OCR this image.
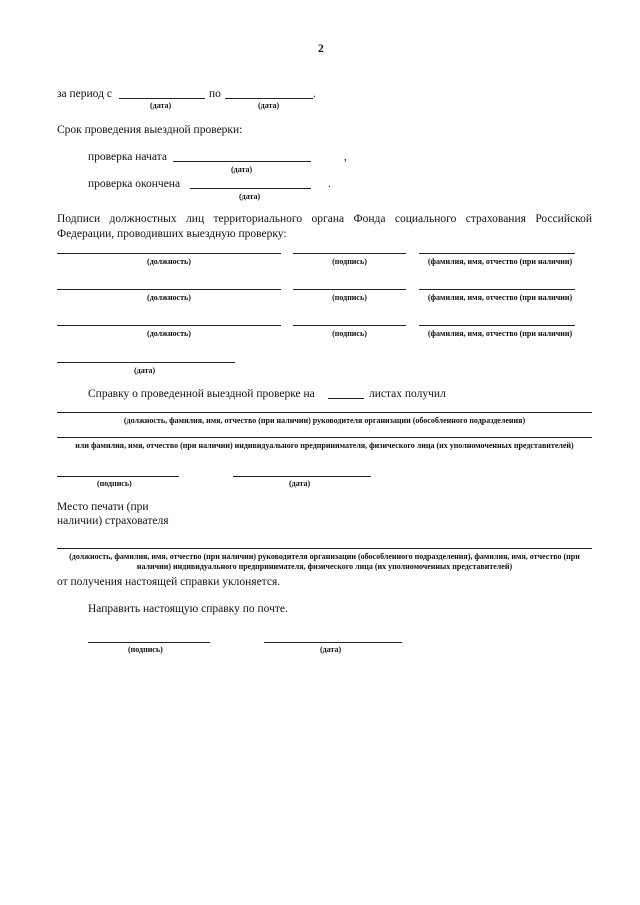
2
за период с	по	.
(дата)	(дата)
Срок проведения выездной проверки:
проверка начата	,
(дата)
проверка окончена	.
(дата)
Подписи должностных лиц территориального органа Фонда социального страхования Российской Федерации, проводивших выездную проверку:
(должность)	(подпись)	(фамилия, имя, отчество (при наличии)
(должность)	(подпись)	(фамилия, имя, отчество (при наличии)
(должность)	(подпись)	(фамилия, имя, отчество (при наличии)
(дата)
Справку о проведенной выездной проверке на	листах получил
(должность, фамилия, имя, отчество (при наличии) руководителя организации (обособленного подразделения)
или фамилия, имя, отчество (при наличии) индивидуального предпринимателя, физического лица (их уполномоченных представителей)
(подпись)	(дата)
Место печати (при наличии) страхователя
(должность, фамилия, имя, отчество (при наличии) руководителя организации (обособленного подразделения), фамилия, имя, отчество (при наличии) индивидуального предпринимателя, физического лица (их уполномоченных представителей)
от получения настоящей справки уклоняется.
Направить настоящую справку по почте.
(подпись)	(дата)
